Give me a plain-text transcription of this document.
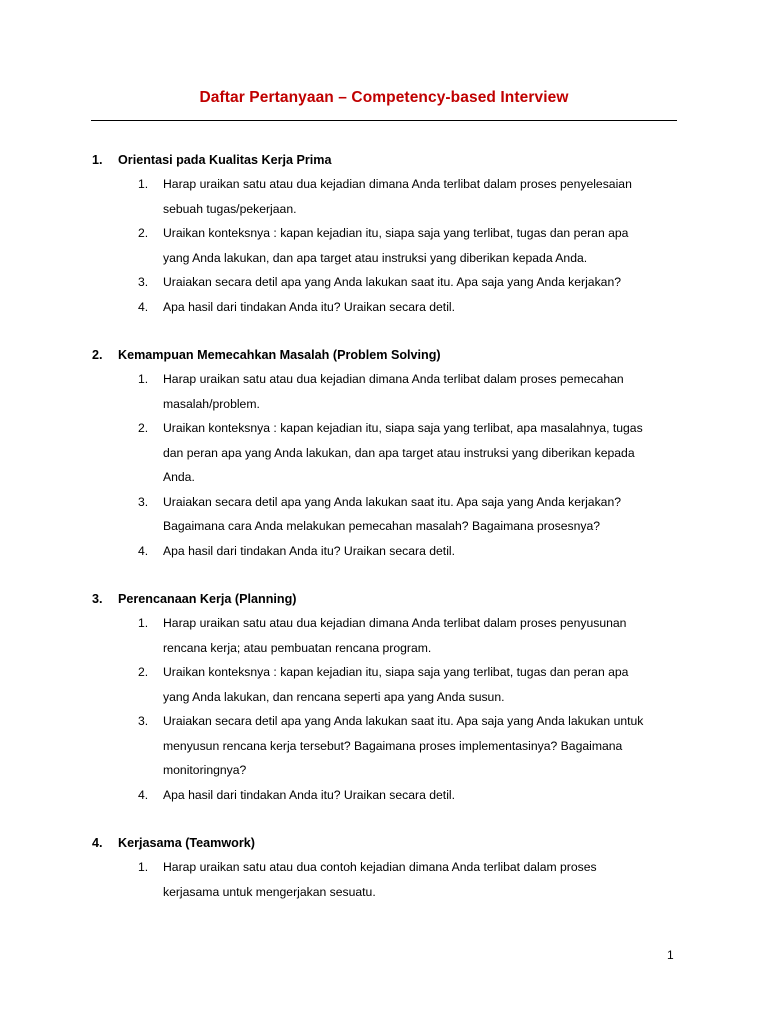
Daftar Pertanyaan – Competency-based Interview
1. Orientasi pada Kualitas Kerja Prima
1. Harap uraikan satu atau dua kejadian dimana Anda terlibat dalam proses penyelesaian
sebuah tugas/pekerjaan.
2. Uraikan konteksnya : kapan kejadian itu, siapa saja yang terlibat, tugas dan peran apa
yang Anda lakukan, dan apa target atau instruksi yang diberikan kepada Anda.
3. Uraiakan secara detil apa yang Anda lakukan saat itu. Apa saja yang Anda kerjakan?
4. Apa hasil dari tindakan Anda itu? Uraikan secara detil.
2. Kemampuan Memecahkan Masalah (Problem Solving)
1. Harap uraikan satu atau dua kejadian dimana Anda terlibat dalam proses pemecahan
masalah/problem.
2. Uraikan konteksnya : kapan kejadian itu, siapa saja yang terlibat, apa masalahnya, tugas
dan peran apa yang Anda lakukan, dan apa target atau instruksi yang diberikan kepada
Anda.
3. Uraiakan secara detil apa yang Anda lakukan saat itu. Apa saja yang Anda kerjakan?
Bagaimana cara Anda melakukan pemecahan masalah? Bagaimana prosesnya?
4. Apa hasil dari tindakan Anda itu? Uraikan secara detil.
3. Perencanaan Kerja (Planning)
1. Harap uraikan satu atau dua kejadian dimana Anda terlibat dalam proses penyusunan
rencana kerja; atau pembuatan rencana program.
2. Uraikan konteksnya : kapan kejadian itu, siapa saja yang terlibat, tugas dan peran apa
yang Anda lakukan, dan rencana seperti apa yang Anda susun.
3. Uraiakan secara detil apa yang Anda lakukan saat itu. Apa saja yang Anda lakukan untuk
menyusun rencana kerja tersebut? Bagaimana proses implementasinya? Bagaimana
monitoringnya?
4. Apa hasil dari tindakan Anda itu? Uraikan secara detil.
4. Kerjasama (Teamwork)
1. Harap uraikan satu atau dua contoh kejadian dimana Anda terlibat dalam proses
kerjasama untuk mengerjakan sesuatu.
1
